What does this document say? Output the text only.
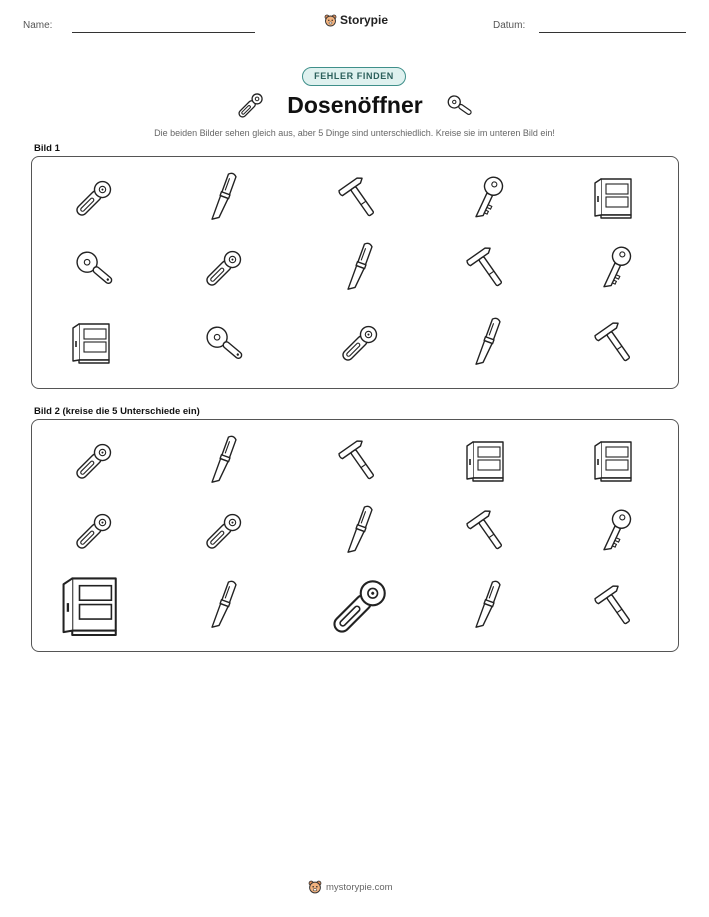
Name:	Storypie	Datum:
FEHLER FINDEN
Dosenöffner
Die beiden Bilder sehen gleich aus, aber 5 Dinge sind unterschiedlich. Kreise sie im unteren Bild ein!
Bild 1
Bild 2 (kreise die 5 Unterschiede ein)
mystorypie.com
